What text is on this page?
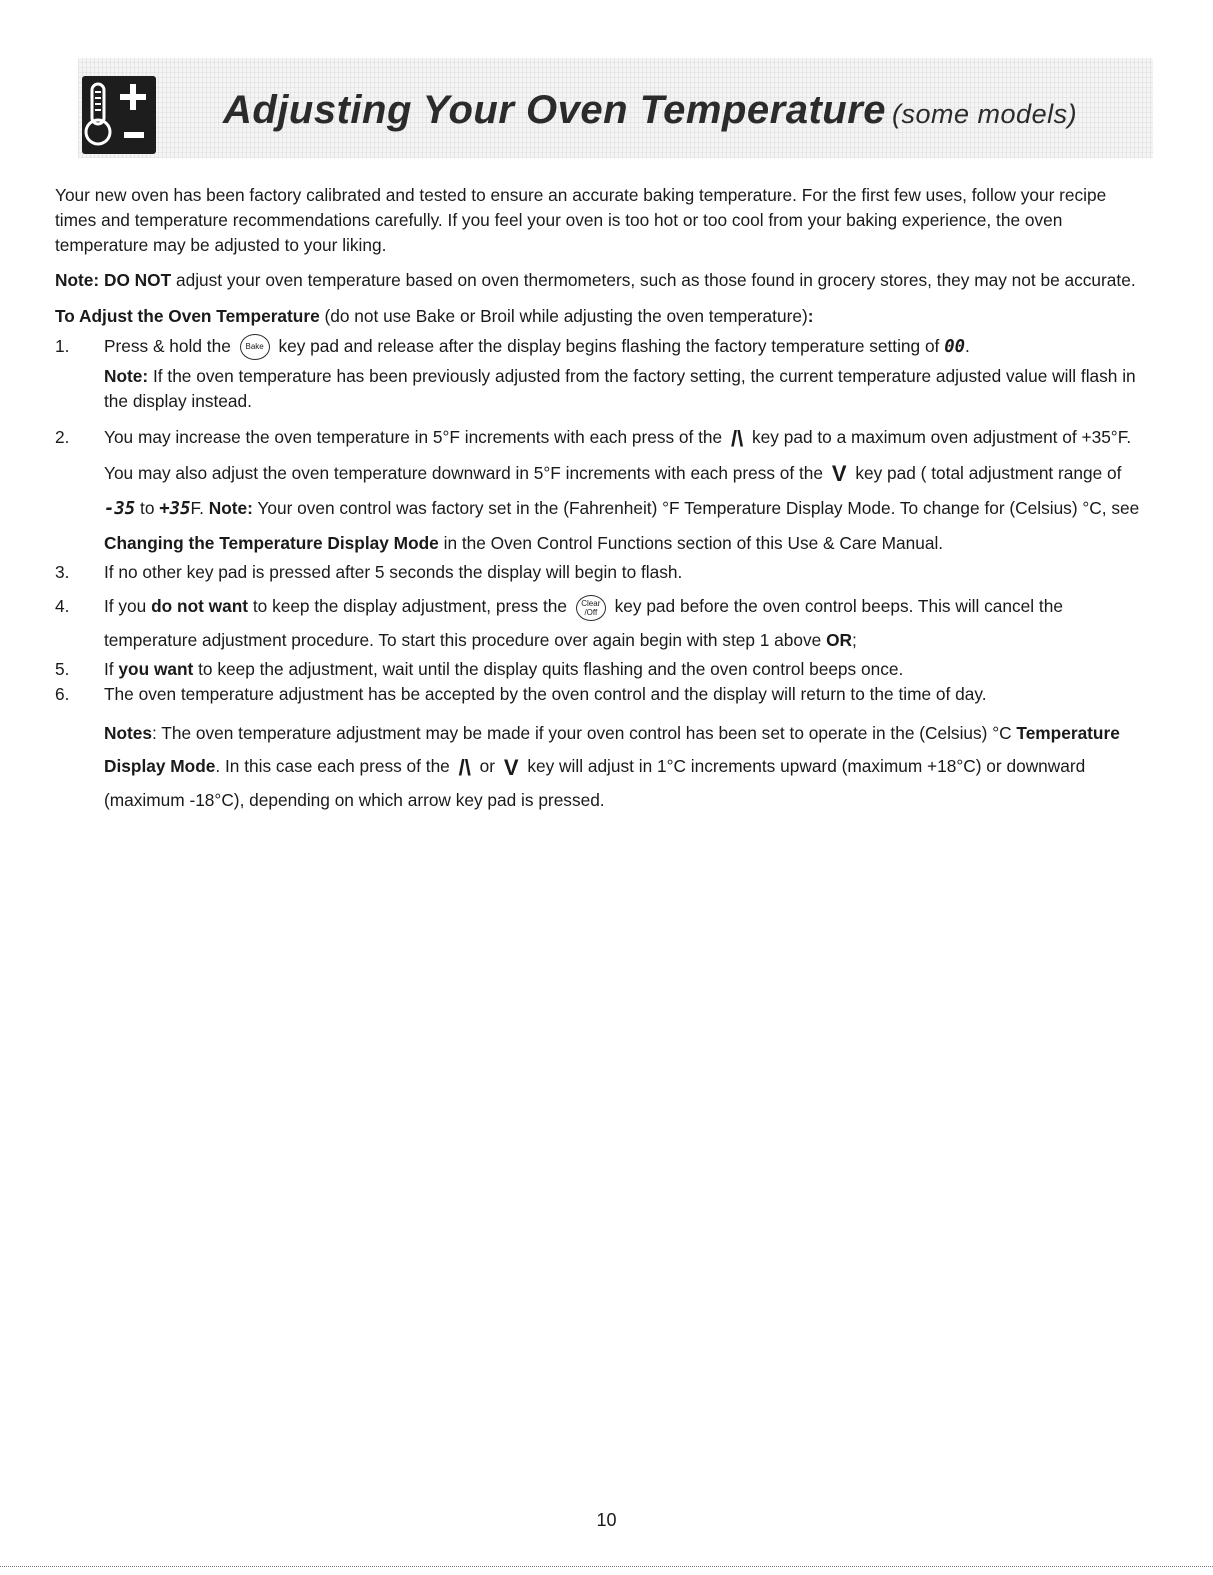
Adjusting Your Oven Temperature (some models)

Your new oven has been factory calibrated and tested to ensure an accurate baking temperature. For the first few uses, follow your recipe times and temperature recommendations carefully. If you feel your oven is too hot or too cool from your baking experience, the oven temperature may be adjusted to your liking.

Note: DO NOT adjust your oven temperature based on oven thermometers, such as those found in grocery stores, they may not be accurate.

To Adjust the Oven Temperature (do not use Bake or Broil while adjusting the oven temperature):

1. Press & hold the Bake key pad and release after the display begins flashing the factory temperature setting of 00.
Note: If the oven temperature has been previously adjusted from the factory setting, the current temperature adjusted value will flash in the display instead.
2. You may increase the oven temperature in 5°F increments with each press of the /\ key pad to a maximum oven adjustment of +35°F. You may also adjust the oven temperature downward in 5°F increments with each press of the V key pad ( total adjustment range of -35 to +35F. Note: Your oven control was factory set in the (Fahrenheit) °F Temperature Display Mode. To change for (Celsius) °C, see Changing the Temperature Display Mode in the Oven Control Functions section of this Use & Care Manual.
3. If no other key pad is pressed after 5 seconds the display will begin to flash.
4. If you do not want to keep the display adjustment, press the Clear
/Off key pad before the oven control beeps. This will cancel the temperature adjustment procedure. To start this procedure over again begin with step 1 above OR;
5. If you want to keep the adjustment, wait until the display quits flashing and the oven control beeps once.
6. The oven temperature adjustment has be accepted by the oven control and the display will return to the time of day.

Notes: The oven temperature adjustment may be made if your oven control has been set to operate in the (Celsius) °C Temperature Display Mode. In this case each press of the /\ or V key will adjust in 1°C increments upward (maximum +18°C) or downward (maximum -18°C), depending on which arrow key pad is pressed.

10
